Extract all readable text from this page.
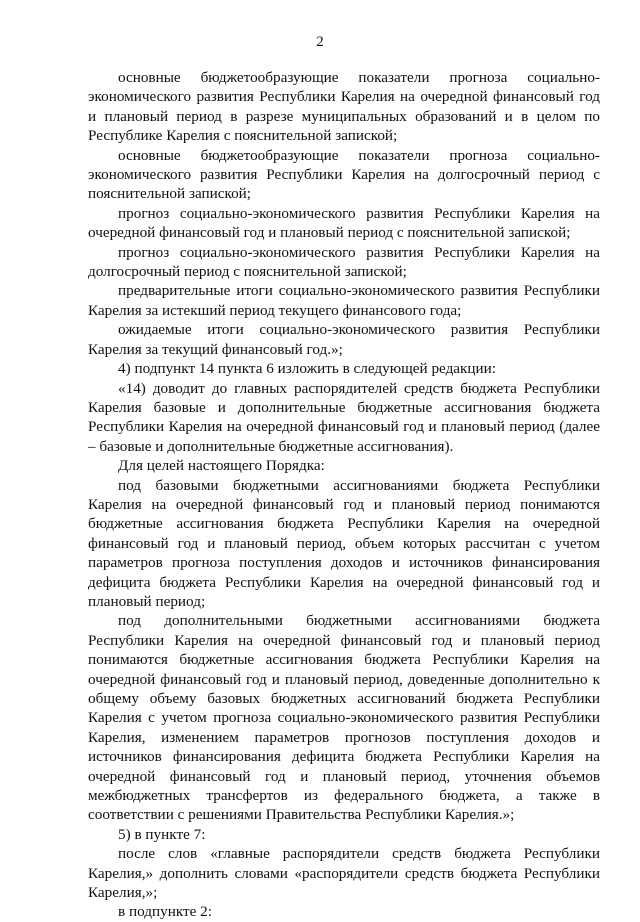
2

основные бюджетообразующие показатели прогноза социально-экономического развития Республики Карелия на очередной финансовый год и плановый период в разрезе муниципальных образований и в целом по Республике Карелия с пояснительной запиской;

основные бюджетообразующие показатели прогноза социально-экономического развития Республики Карелия на долгосрочный период с пояснительной запиской;

прогноз социально-экономического развития Республики Карелия на очередной финансовый год и плановый период с пояснительной запиской;

прогноз социально-экономического развития Республики Карелия на долгосрочный период с пояснительной запиской;

предварительные итоги социально-экономического развития Республики Карелия за истекший период текущего финансового года;

ожидаемые итоги социально-экономического развития Республики Карелия за текущий финансовый год.»;

4) подпункт 14 пункта 6 изложить в следующей редакции:

«14) доводит до главных распорядителей средств бюджета Республики Карелия базовые и дополнительные бюджетные ассигнования бюджета Республики Карелия на очередной финансовый год и плановый период (далее – базовые и дополнительные бюджетные ассигнования).

Для целей настоящего Порядка:

под базовыми бюджетными ассигнованиями бюджета Республики Карелия на очередной финансовый год и плановый период понимаются бюджетные ассигнования бюджета Республики Карелия на очередной финансовый год и плановый период, объем которых рассчитан с учетом параметров прогноза поступления доходов и источников финансирования дефицита бюджета Республики Карелия на очередной финансовый год и плановый период;

под дополнительными бюджетными ассигнованиями бюджета Республики Карелия на очередной финансовый год и плановый период понимаются бюджетные ассигнования бюджета Республики Карелия на очередной финансовый год и плановый период, доведенные дополнительно к общему объему базовых бюджетных ассигнований бюджета Республики Карелия с учетом прогноза социально-экономического развития Республики Карелия, изменением параметров прогнозов поступления доходов и источников финансирования дефицита бюджета Республики Карелия на очередной финансовый год и плановый период, уточнения объемов межбюджетных трансфертов из федерального бюджета, а также в соответствии с решениями Правительства Республики Карелия.»;

5) в пункте 7:

после слов «главные распорядители средств бюджета Республики Карелия,» дополнить словами «распорядители средств бюджета Республики Карелия,»;

в подпункте 2:
